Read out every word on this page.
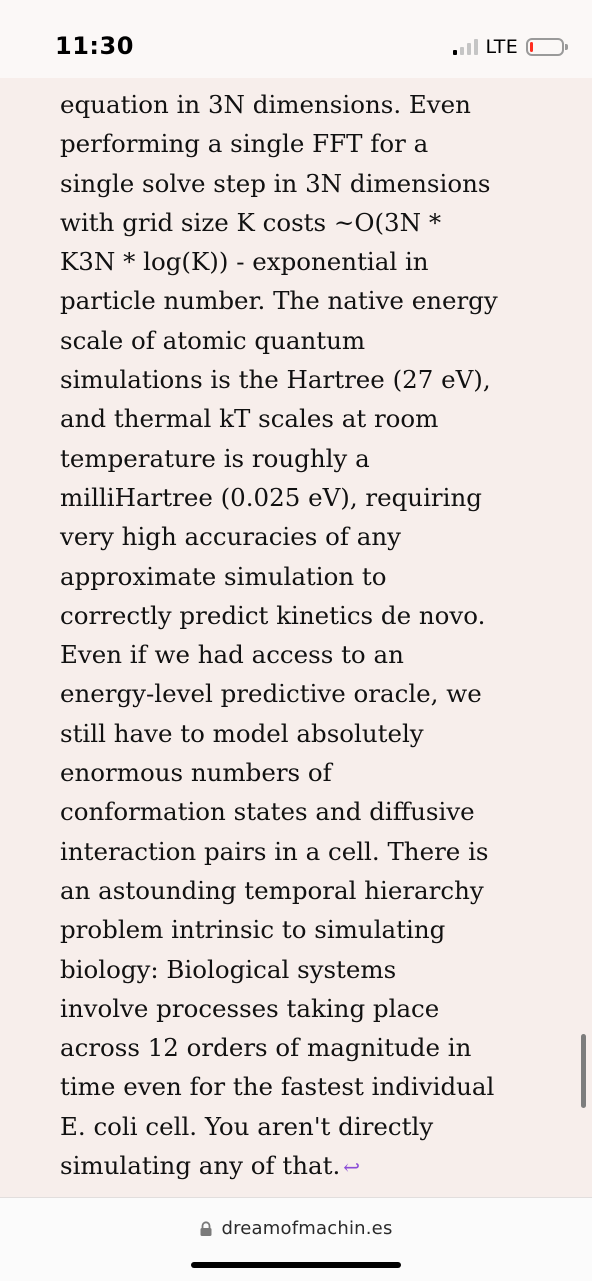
11:30	LTE
equation in 3N dimensions. Even
performing a single FFT for a
single solve step in 3N dimensions
with grid size K costs ~O(3N *
K3N * log(K)) - exponential in
particle number. The native energy
scale of atomic quantum
simulations is the Hartree (27 eV),
and thermal kT scales at room
temperature is roughly a
milliHartree (0.025 eV), requiring
very high accuracies of any
approximate simulation to
correctly predict kinetics de novo.
Even if we had access to an
energy-level predictive oracle, we
still have to model absolutely
enormous numbers of
conformation states and diffusive
interaction pairs in a cell. There is
an astounding temporal hierarchy
problem intrinsic to simulating
biology: Biological systems
involve processes taking place
across 12 orders of magnitude in
time even for the fastest individual
E. coli cell. You aren't directly
simulating any of that. ↩
dreamofmachin.es
